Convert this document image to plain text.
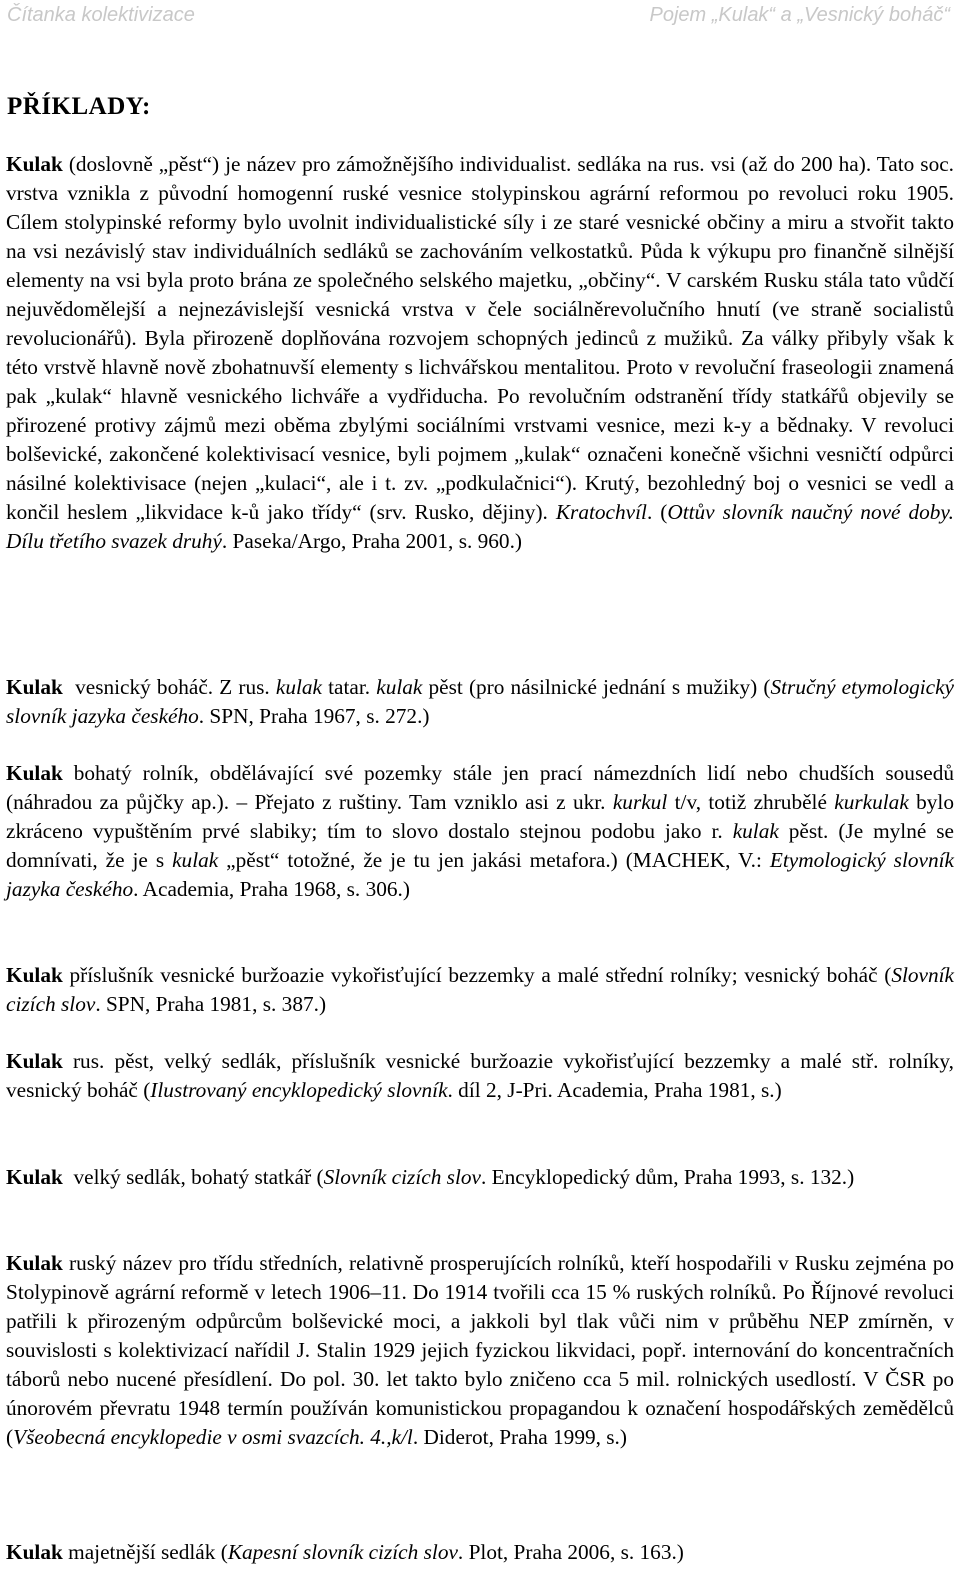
Čítanka kolektivizace	Pojem „Kulak“ a „Vesnický boháč“
PŘÍKLADY:

Kulak (doslovně „pěst“) je název pro zámožnějšího individualist. sedláka na rus. vsi (až do 200 ha). Tato soc. vrstva vznikla z původní homogenní ruské vesnice stolypinskou agrární reformou po revoluci roku 1905. Cílem stolypinské reformy bylo uvolnit individualistické síly i ze staré vesnické občiny a miru a stvořit takto na vsi nezávislý stav individuálních sedláků se zachováním velkostatků. Půda k výkupu pro finančně silnější elementy na vsi byla proto brána ze společného selského majetku, „občiny“. V carském Rusku stála tato vůdčí nejuvědomělejší a nejnezávislejší vesnická vrstva v čele sociálněrevolučního hnutí (ve straně socialistů revolucionářů). Byla přirozeně doplňována rozvojem schopných jedinců z mužiků. Za války přibyly však k této vrstvě hlavně nově zbohatnuvší elementy s lichvářskou mentalitou. Proto v revoluční fraseologii znamená pak „kulak“ hlavně vesnického lichváře a vydřiducha. Po revolučním odstranění třídy statkářů objevily se přirozené protivy zájmů mezi oběma zbylými sociálními vrstvami vesnice, mezi k-y a bědnaky. V revoluci bolševické, zakončené kolektivisací vesnice, byli pojmem „kulak“ označeni konečně všichni vesničtí odpůrci násilné kolektivisace (nejen „kulaci“, ale i t. zv. „podkulačnici“). Krutý, bezohledný boj o vesnici se vedl a končil heslem „likvidace k-ů jako třídy“ (srv. Rusko, dějiny). Kratochvíl. (Ottův slovník naučný nové doby. Dílu třetího svazek druhý. Paseka/Argo, Praha 2001, s. 960.)

Kulak  vesnický boháč. Z rus. kulak tatar. kulak pěst (pro násilnické jednání s mužiky) (Stručný etymologický slovník jazyka českého. SPN, Praha 1967, s. 272.)

Kulak bohatý rolník, obdělávající své pozemky stále jen prací námezdních lidí nebo chudších sousedů (náhradou za půjčky ap.). – Přejato z ruštiny. Tam vzniklo asi z ukr. kurkul t/v, totiž zhrubělé kurkulak bylo zkráceno vypuštěním prvé slabiky; tím to slovo dostalo stejnou podobu jako r. kulak pěst. (Je mylné se domnívati, že je s kulak „pěst“ totožné, že je tu jen jakási metafora.) (MACHEK, V.: Etymologický slovník jazyka českého. Academia, Praha 1968, s. 306.)

Kulak příslušník vesnické buržoazie vykořisťující bezzemky a malé střední rolníky; vesnický boháč (Slovník cizích slov. SPN, Praha 1981, s. 387.)

Kulak rus. pěst, velký sedlák, příslušník vesnické buržoazie vykořisťující bezzemky a malé stř. rolníky, vesnický boháč (Ilustrovaný encyklopedický slovník. díl 2, J-Pri. Academia, Praha 1981, s.)

Kulak  velký sedlák, bohatý statkář (Slovník cizích slov. Encyklopedický dům, Praha 1993, s. 132.)

Kulak ruský název pro třídu středních, relativně prosperujících rolníků, kteří hospodařili v Rusku zejména po Stolypinově agrární reformě v letech 1906–11. Do 1914 tvořili cca 15 % ruských rolníků. Po Říjnové revoluci patřili k přirozeným odpůrcům bolševické moci, a jakkoli byl tlak vůči nim v průběhu NEP zmírněn, v souvislosti s kolektivizací nařídil J. Stalin 1929 jejich fyzickou likvidaci, popř. internování do koncentračních táborů nebo nucené přesídlení. Do pol. 30. let takto bylo zničeno cca 5 mil. rolnických usedlostí. V ČSR po únorovém převratu 1948 termín používán komunistickou propagandou k označení hospodářských zemědělců (Všeobecná encyklopedie v osmi svazcích. 4.,k/l. Diderot, Praha 1999, s.)

Kulak majetnější sedlák (Kapesní slovník cizích slov. Plot, Praha 2006, s. 163.)
